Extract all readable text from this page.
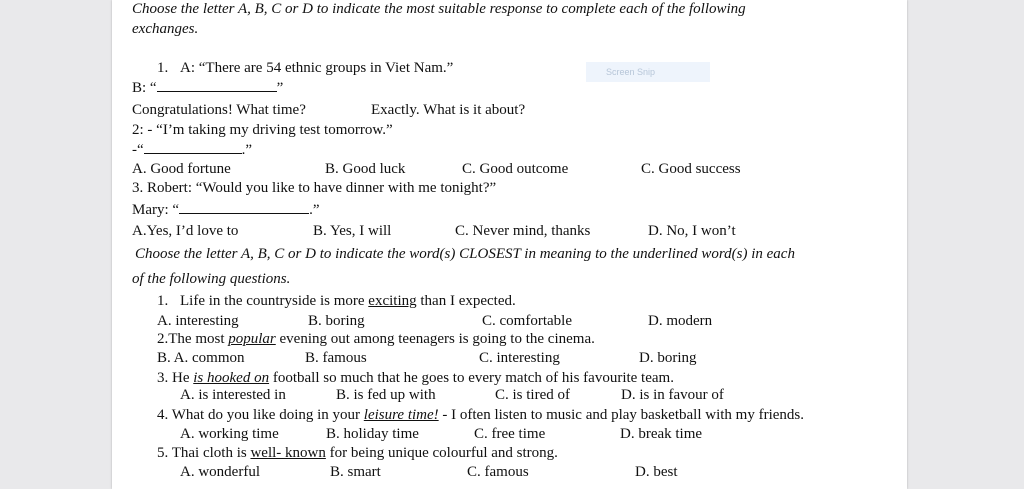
Choose the letter A, B, C or D to indicate the most suitable response to complete each of the following
exchanges.
1. A: “There are 54 ethnic groups in Viet Nam.”	Screen Snip
B: “	”
Congratulations! What time?	Exactly. What is it about?
2: - “I’m taking my driving test tomorrow.”
-“	.”
A. Good fortune	B. Good luck	C. Good outcome	C. Good success
3. Robert: “Would you like to have dinner with me tonight?”
Mary: “	.”
A.Yes, I’d love to	B. Yes, I will	C. Never mind, thanks	D. No, I won’t
Choose the letter A, B, C or D to indicate the word(s) CLOSEST in meaning to the underlined word(s) in each
of the following questions.
1. Life in the countryside is more exciting than I expected.
A. interesting	B. boring	C. comfortable	D. modern
2.The most popular evening out among teenagers is going to the cinema.
B. A. common	B. famous	C. interesting	D. boring
3. He is hooked on football so much that he goes to every match of his favourite team.
A. is interested in	B. is fed up with	C. is tired of	D. is in favour of
4. What do you like doing in your leisure time! - I often listen to music and play basketball with my friends.
A. working time	B. holiday time	C. free time	D. break time
5. Thai cloth is well- known for being unique colourful and strong.
A. wonderful	B. smart	C. famous	D. best
